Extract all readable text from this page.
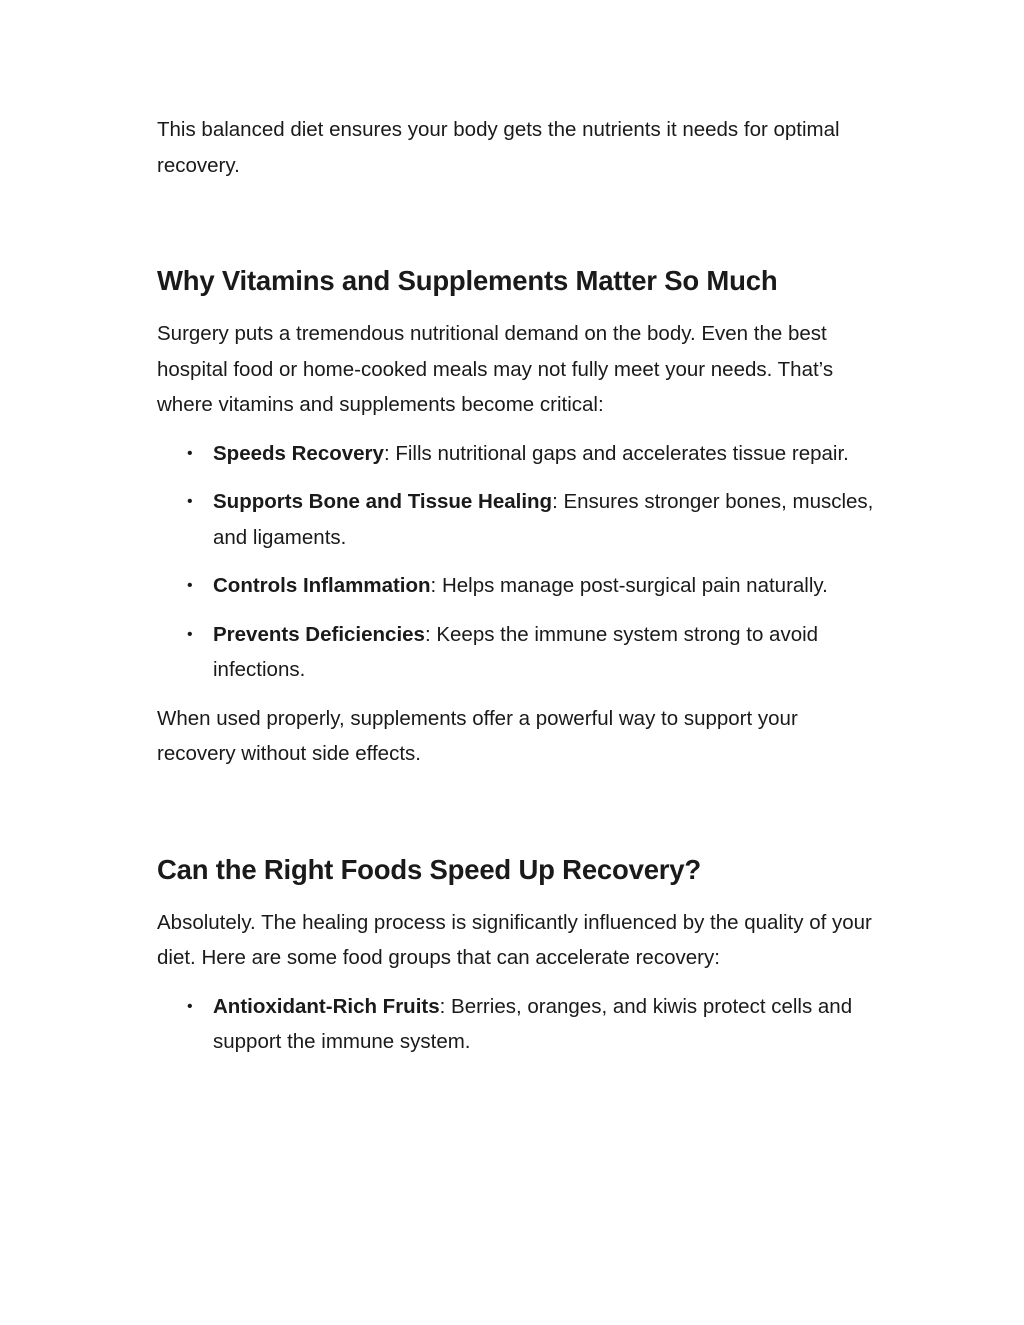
This balanced diet ensures your body gets the nutrients it needs for optimal recovery.

Why Vitamins and Supplements Matter So Much

Surgery puts a tremendous nutritional demand on the body. Even the best hospital food or home-cooked meals may not fully meet your needs. That’s where vitamins and supplements become critical:

• Speeds Recovery: Fills nutritional gaps and accelerates tissue repair.
• Supports Bone and Tissue Healing: Ensures stronger bones, muscles, and ligaments.
• Controls Inflammation: Helps manage post-surgical pain naturally.
• Prevents Deficiencies: Keeps the immune system strong to avoid infections.

When used properly, supplements offer a powerful way to support your recovery without side effects.

Can the Right Foods Speed Up Recovery?

Absolutely. The healing process is significantly influenced by the quality of your diet. Here are some food groups that can accelerate recovery:

• Antioxidant-Rich Fruits: Berries, oranges, and kiwis protect cells and support the immune system.
